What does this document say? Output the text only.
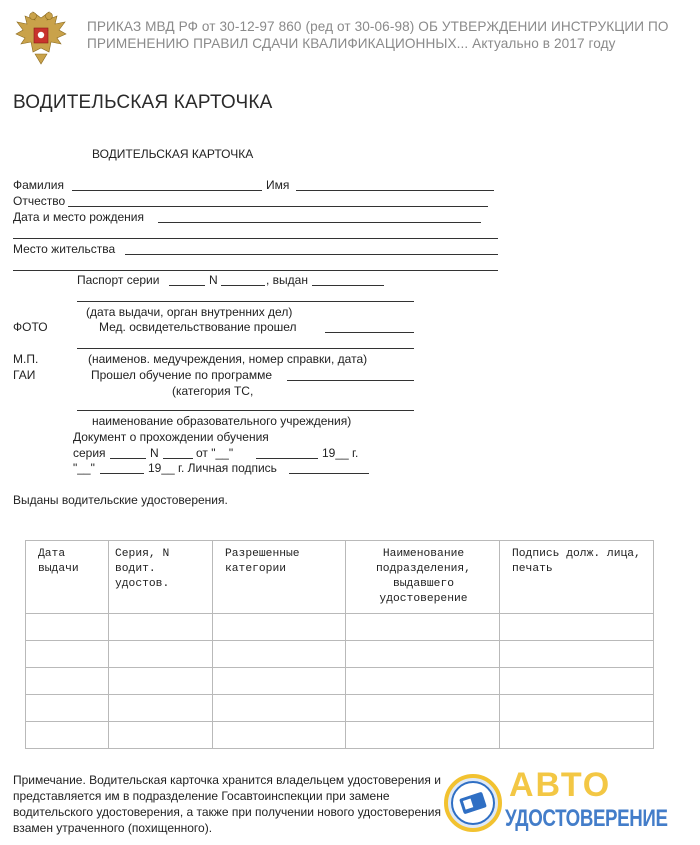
ПРИКАЗ МВД РФ от 30-12-97 860 (ред от 30-06-98) ОБ УТВЕРЖДЕНИИ ИНСТРУКЦИИ ПО ПРИМЕНЕНИЮ ПРАВИЛ СДАЧИ КВАЛИФИКАЦИОННЫХ... Актуально в 2017 году
ВОДИТЕЛЬСКАЯ КАРТОЧКА
ВОДИТЕЛЬСКАЯ КАРТОЧКА
Фамилия	Имя
Отчество
Дата и место рождения
Место жительства
Паспорт серии	N	, выдан
(дата выдачи, орган внутренних дел)
ФОТО	Мед. освидетельствование прошел
М.П.	(наименов. медучреждения, номер справки, дата)
ГАИ	Прошел обучение по программе
(категория ТС,
наименование образовательного учреждения)
Документ о прохождении обучения
серия	N	от "__"	19__ г.
"__"	19__ г. Личная подпись
Выданы водительские удостоверения.
Дата выдачи	Серия, N водит. удостов.	Разрешенные категории	Наименование подразделения, выдавшего удостоверение	Подпись долж. лица, печать

Примечание. Водительская карточка хранится владельцем удостоверения и представляется им в подразделение Госавтоинспекции при замене водительского удостоверения, а также при получении нового удостоверения взамен утраченного (похищенного).
АВТО
УДОСТОВЕРЕНИЕ
